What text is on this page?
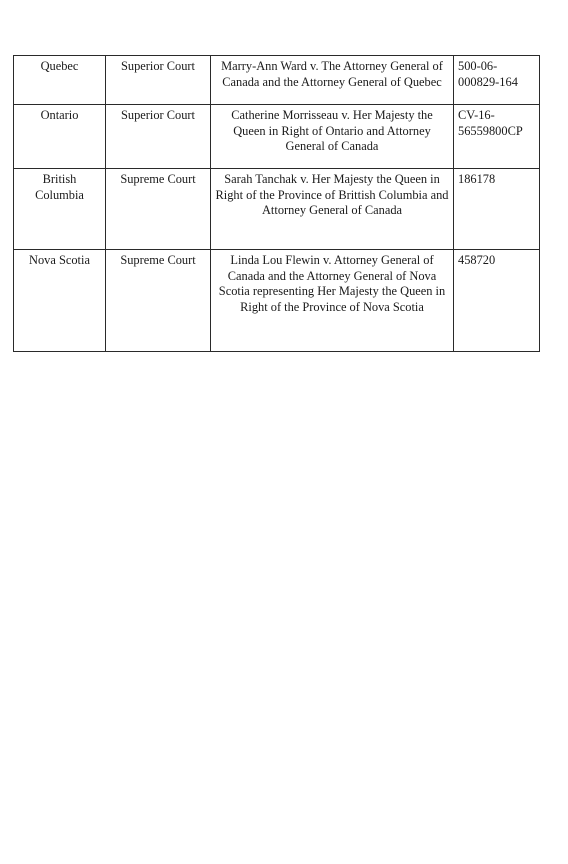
Quebec	Superior Court	Marry-Ann Ward v. The Attorney General of Canada and the Attorney General of Quebec	500-06-
000829-164
Ontario	Superior Court	Catherine Morrisseau v. Her Majesty the Queen in Right of Ontario and Attorney General of Canada	CV-16-
56559800CP
British Columbia	Supreme Court	Sarah Tanchak v. Her Majesty the Queen in Right of the Province of Brittish Columbia and Attorney General of Canada	186178
Nova Scotia	Supreme Court	Linda Lou Flewin v. Attorney General of Canada and the Attorney General of Nova Scotia representing Her Majesty the Queen in Right of the Province of Nova Scotia	458720
